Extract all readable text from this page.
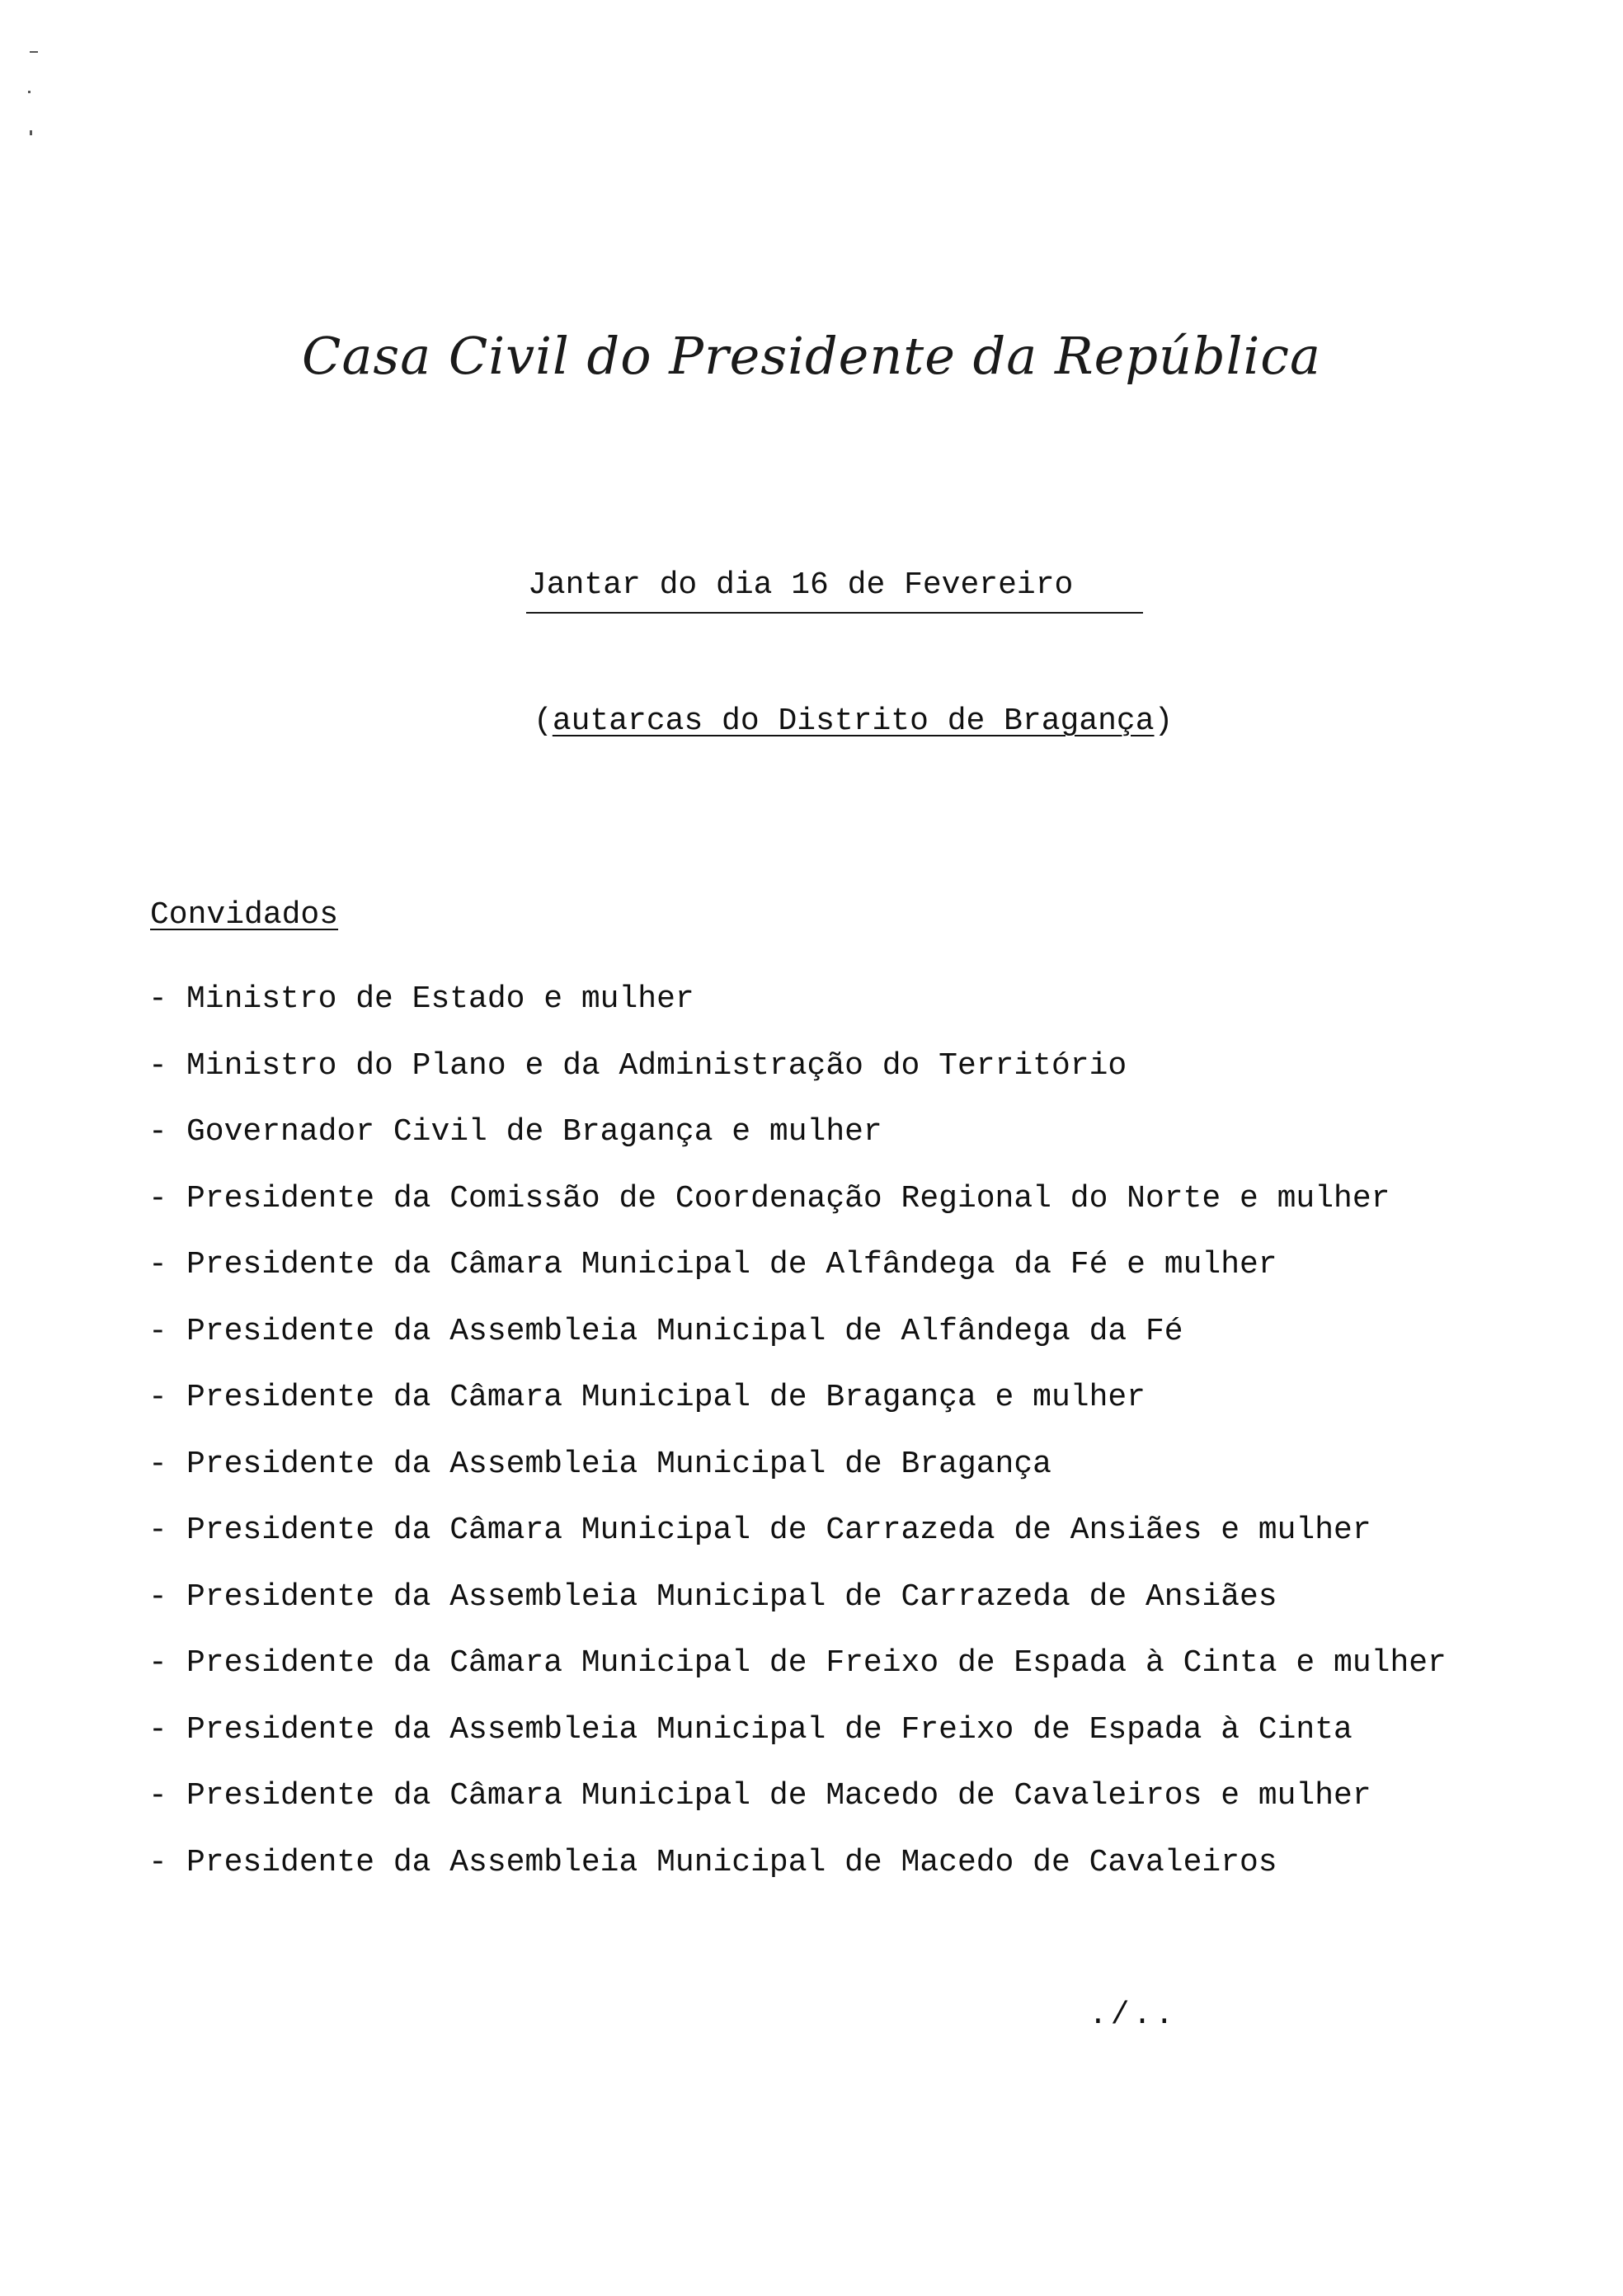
Casa Civil do Presidente da República
Jantar do dia 16 de Fevereiro
(autarcas do Distrito de Bragança)
Convidados
- Ministro de Estado e mulher
- Ministro do Plano e da Administração do Território
- Governador Civil de Bragança e mulher
- Presidente da Comissão de Coordenação Regional do Norte e mulher
- Presidente da Câmara Municipal de Alfândega da Fé e mulher
- Presidente da Assembleia Municipal de Alfândega da Fé
- Presidente da Câmara Municipal de Bragança e mulher
- Presidente da Assembleia Municipal de Bragança
- Presidente da Câmara Municipal de Carrazeda de Ansiães e mulher
- Presidente da Assembleia Municipal de Carrazeda de Ansiães
- Presidente da Câmara Municipal de Freixo de Espada à Cinta e mulher
- Presidente da Assembleia Municipal de Freixo de Espada à Cinta
- Presidente da Câmara Municipal de Macedo de Cavaleiros e mulher
- Presidente da Assembleia Municipal de Macedo de Cavaleiros
./..
